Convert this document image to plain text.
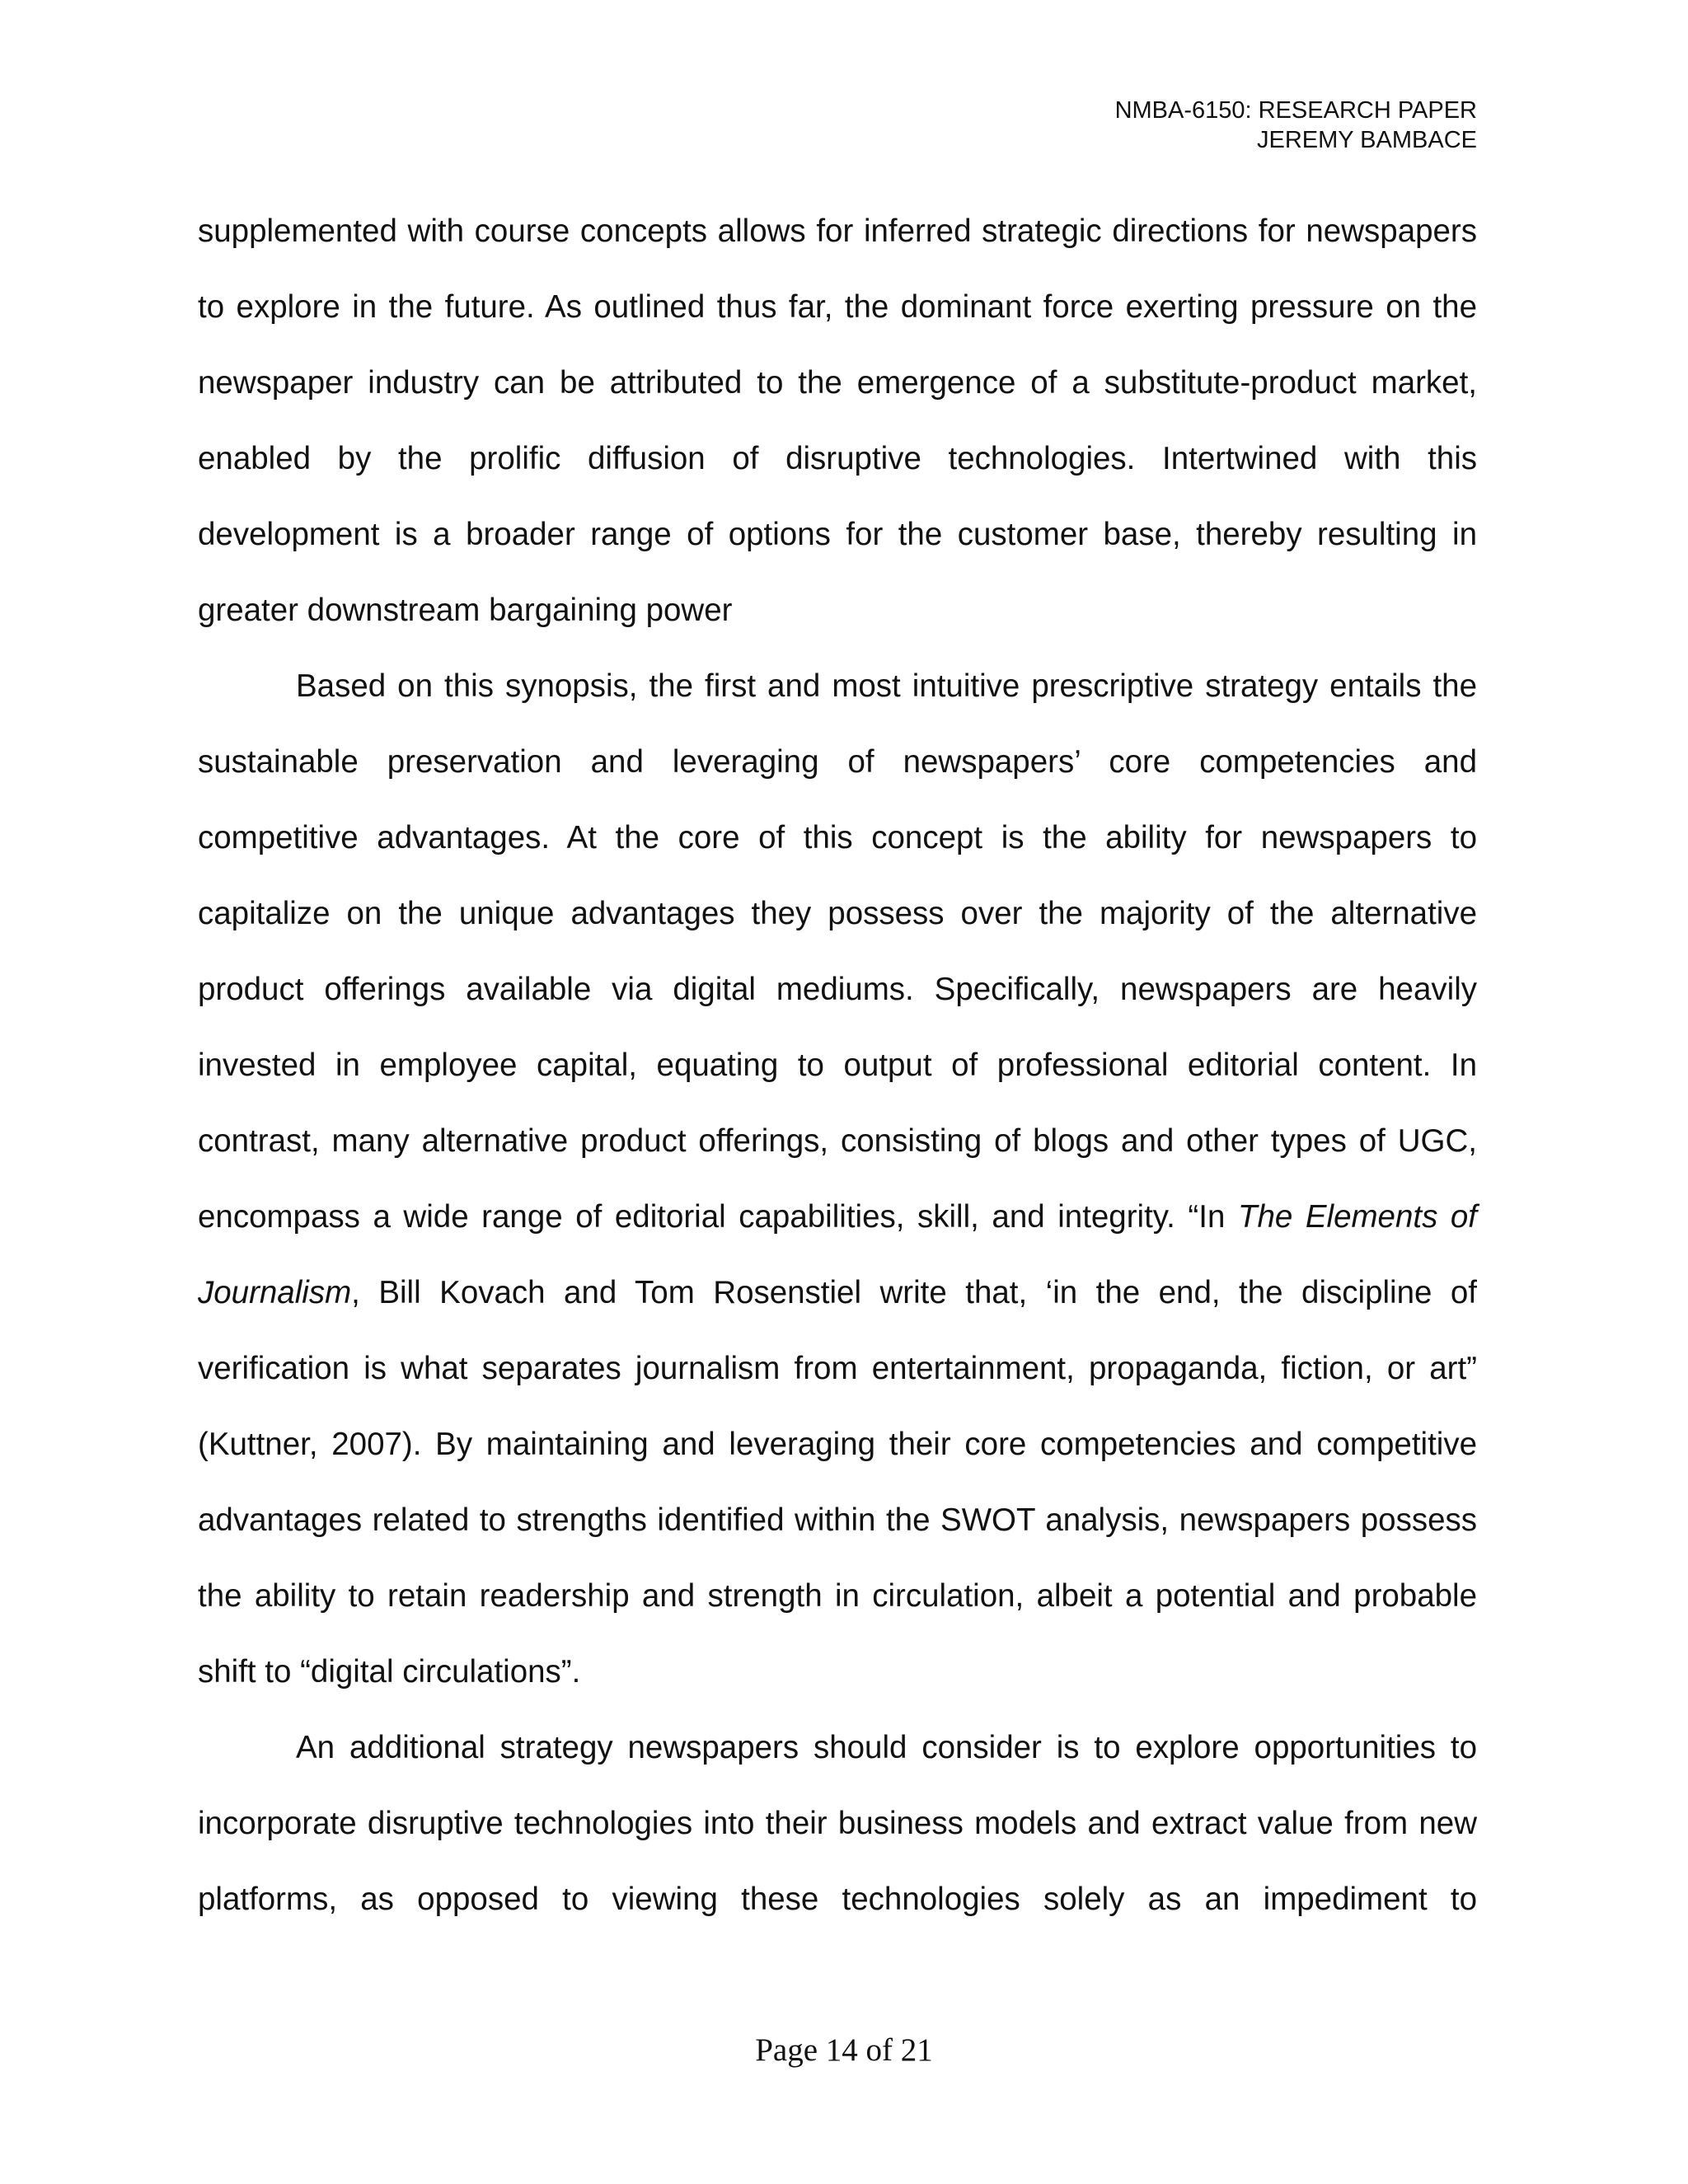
NMBA-6150: RESEARCH PAPER
JEREMY BAMBACE

supplemented with course concepts allows for inferred strategic directions for newspapers to explore in the future. As outlined thus far, the dominant force exerting pressure on the newspaper industry can be attributed to the emergence of a substitute-product market, enabled by the prolific diffusion of disruptive technologies. Intertwined with this development is a broader range of options for the customer base, thereby resulting in greater downstream bargaining power

Based on this synopsis, the first and most intuitive prescriptive strategy entails the sustainable preservation and leveraging of newspapers’ core competencies and competitive advantages. At the core of this concept is the ability for newspapers to capitalize on the unique advantages they possess over the majority of the alternative product offerings available via digital mediums. Specifically, newspapers are heavily invested in employee capital, equating to output of professional editorial content. In contrast, many alternative product offerings, consisting of blogs and other types of UGC, encompass a wide range of editorial capabilities, skill, and integrity. “In The Elements of Journalism, Bill Kovach and Tom Rosenstiel write that, ‘in the end, the discipline of verification is what separates journalism from entertainment, propaganda, fiction, or art” (Kuttner, 2007). By maintaining and leveraging their core competencies and competitive advantages related to strengths identified within the SWOT analysis, newspapers possess the ability to retain readership and strength in circulation, albeit a potential and probable shift to “digital circulations”.

An additional strategy newspapers should consider is to explore opportunities to incorporate disruptive technologies into their business models and extract value from new platforms, as opposed to viewing these technologies solely as an impediment to

Page 14 of 21
